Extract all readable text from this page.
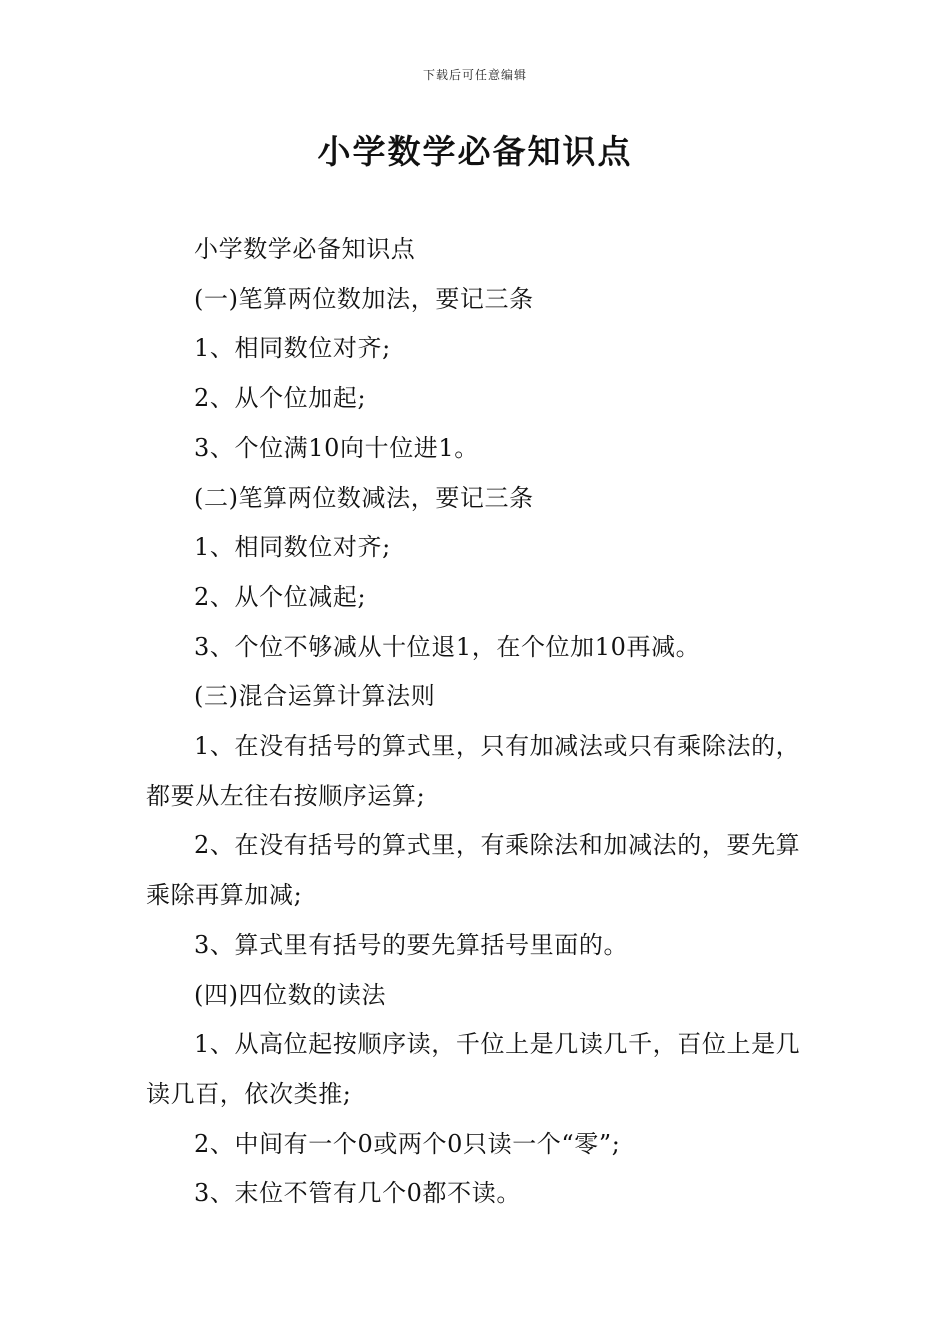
下载后可任意编辑
小学数学必备知识点

小学数学必备知识点

(一)笔算两位数加法，要记三条

1、相同数位对齐;

2、从个位加起;

3、个位满10向十位进1。

(二)笔算两位数减法，要记三条

1、相同数位对齐;

2、从个位减起;

3、个位不够减从十位退1，在个位加10再减。

(三)混合运算计算法则

1、在没有括号的算式里，只有加减法或只有乘除法的，都要从左往右按顺序运算;

2、在没有括号的算式里，有乘除法和加减法的，要先算乘除再算加减;

3、算式里有括号的要先算括号里面的。

(四)四位数的读法

1、从高位起按顺序读，千位上是几读几千，百位上是几读几百，依次类推;

2、中间有一个0或两个0只读一个“零”;

3、末位不管有几个0都不读。
